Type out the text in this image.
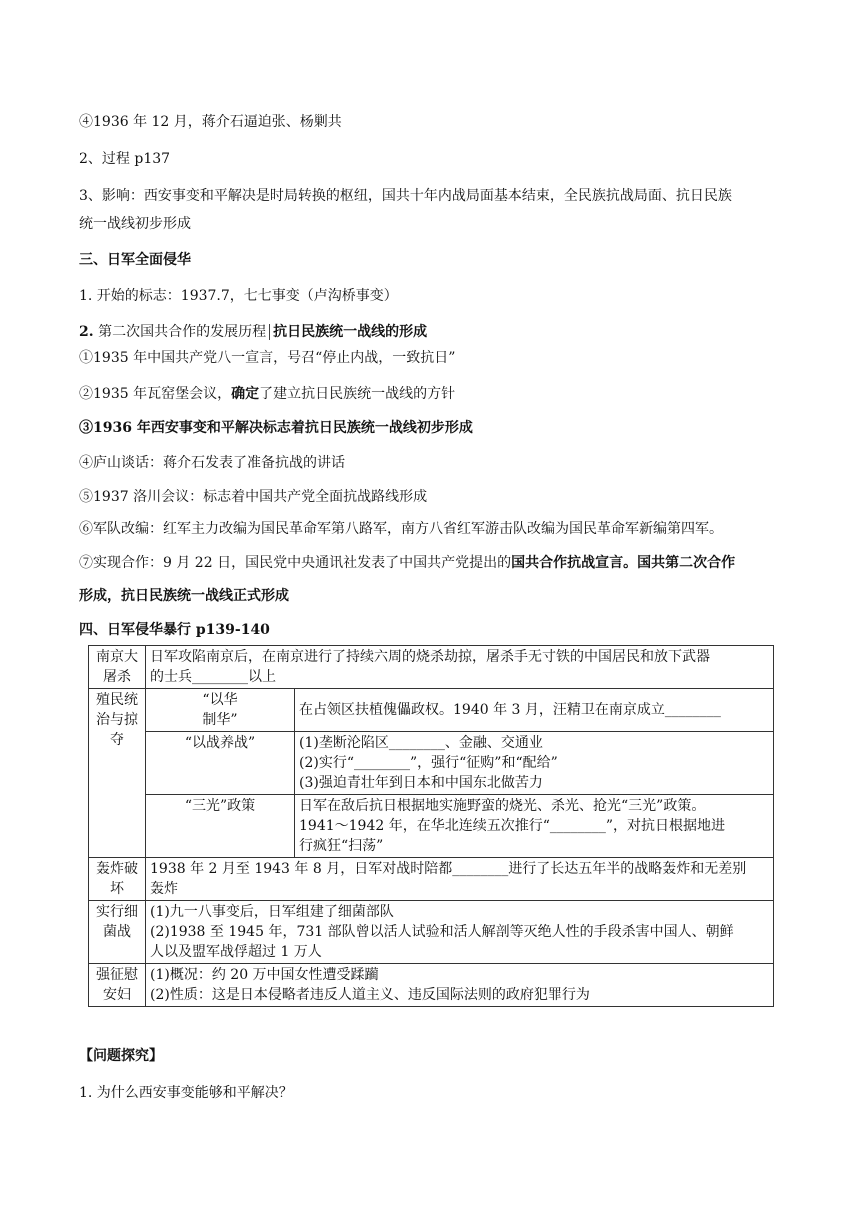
④1936 年 12 月，蒋介石逼迫张、杨剿共
2、过程 p137
3、影响：西安事变和平解决是时局转换的枢纽，国共十年内战局面基本结束，全民族抗战局面、抗日民族
统一战线初步形成
三、日军全面侵华
1. 开始的标志：1937.7，七七事变（卢沟桥事变）
2. 第二次国共合作的发展历程 抗日民族统一战线的形成
①1935 年中国共产党八一宣言，号召“停止内战，一致抗日”
②1935 年瓦窑堡会议，确定了建立抗日民族统一战线的方针
③1936 年西安事变和平解决标志着抗日民族统一战线初步形成
④庐山谈话：蒋介石发表了准备抗战的讲话
⑤1937 洛川会议：标志着中国共产党全面抗战路线形成
⑥军队改编：红军主力改编为国民革命军第八路军，南方八省红军游击队改编为国民革命军新编第四军。
⑦实现合作：9 月 22 日，国民党中央通讯社发表了中国共产党提出的国共合作抗战宣言。国共第二次合作
形成，抗日民族统一战线正式形成
四、日军侵华暴行 p139-140
南京大
屠杀	日军攻陷南京后，在南京进行了持续六周的烧杀劫掠，屠杀手无寸铁的中国居民和放下武器
的士兵________以上	

殖民统
治与掠
夺	“以华
制华”	在占领区扶植傀儡政权。1940 年 3 月，汪精卫在南京成立________

	“以战养战”	(1)垄断沦陷区________、金融、交通业
(2)实行“________”，强行“征购”和“配给”
(3)强迫青壮年到日本和中国东北做苦力

	“三光”政策	日军在敌后抗日根据地实施野蛮的烧光、杀光、抢光“三光”政策。
1941～1942 年，在华北连续五次推行“________”，对抗日根据地进
行疯狂“扫荡”

轰炸破
坏	1938 年 2 月至 1943 年 8 月，日军对战时陪都________进行了长达五年半的战略轰炸和无差别
轰炸	

实行细
菌战	(1)九一八事变后，日军组建了细菌部队
(2)1938 至 1945 年，731 部队曾以活人试验和活人解剖等灭绝人性的手段杀害中国人、朝鲜
人以及盟军战俘超过 1 万人	

强征慰
安妇	(1)概况：约 20 万中国女性遭受蹂躏
(2)性质：这是日本侵略者违反人道主义、违反国际法则的政府犯罪行为	
【问题探究】
1. 为什么西安事变能够和平解决？
